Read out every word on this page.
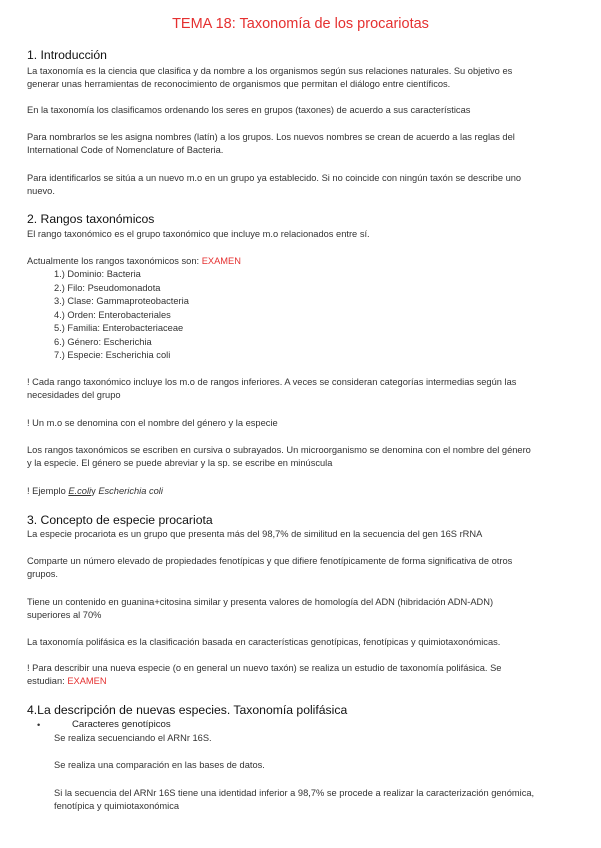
TEMA 18: Taxonomía de los procariotas
1. Introducción
La taxonomía es la ciencia que clasifica y da nombre a los organismos según sus relaciones naturales. Su objetivo es
generar unas herramientas de reconocimiento de organismos que permitan el diálogo entre científicos.
En la taxonomía los clasificamos ordenando los seres en grupos (taxones) de acuerdo a sus características
Para nombrarlos se les asigna nombres (latín) a los grupos. Los nuevos nombres se crean de acuerdo a las reglas del
International Code of Nomenclature of Bacteria.
Para identificarlos se sitúa a un nuevo m.o en un grupo ya establecido. Si no coincide con ningún taxón se describe uno
nuevo.
2. Rangos taxonómicos
El rango taxonómico es el grupo taxonómico que incluye m.o relacionados entre sí.
Actualmente los rangos taxonómicos son: EXAMEN
1.) Dominio: Bacteria
2.) Filo: Pseudomonadota
3.) Clase: Gammaproteobacteria
4.) Orden: Enterobacteriales
5.) Familia: Enterobacteriaceae
6.) Género: Escherichia
7.) Especie: Escherichia coli
! Cada rango taxonómico incluye los m.o de rangos inferiores. A veces se consideran categorías intermedias según las
necesidades del grupo
! Un m.o se denomina con el nombre del género y la especie
Los rangos taxonómicos se escriben en cursiva o subrayados. Un microorganismo se denomina con el nombre del género
y la especie. El género se puede abreviar y la sp. se escribe en minúscula
! Ejemplo E.coliy Escherichia coli
3. Concepto de especie procariota
La especie procariota es un grupo que presenta más del 98,7% de similitud en la secuencia del gen 16S rRNA
Comparte un número elevado de propiedades fenotípicas y que difiere fenotípicamente de forma significativa de otros
grupos.
Tiene un contenido en guanina+citosina similar y presenta valores de homología del ADN (hibridación ADN-ADN)
superiores al 70%
La taxonomía polifásica es la clasificación basada en características genotípicas, fenotípicas y quimiotaxonómicas.
! Para describir una nueva especie (o en general un nuevo taxón) se realiza un estudio de taxonomía polifásica. Se
estudian: EXAMEN
4.La descripción de nuevas especies. Taxonomía polifásica
•	Caracteres genotípicos
Se realiza secuenciando el ARNr 16S.
Se realiza una comparación en las bases de datos.
Si la secuencia del ARNr 16S tiene una identidad inferior a 98,7% se procede a realizar la caracterización genómica,
fenotípica y quimiotaxonómica
